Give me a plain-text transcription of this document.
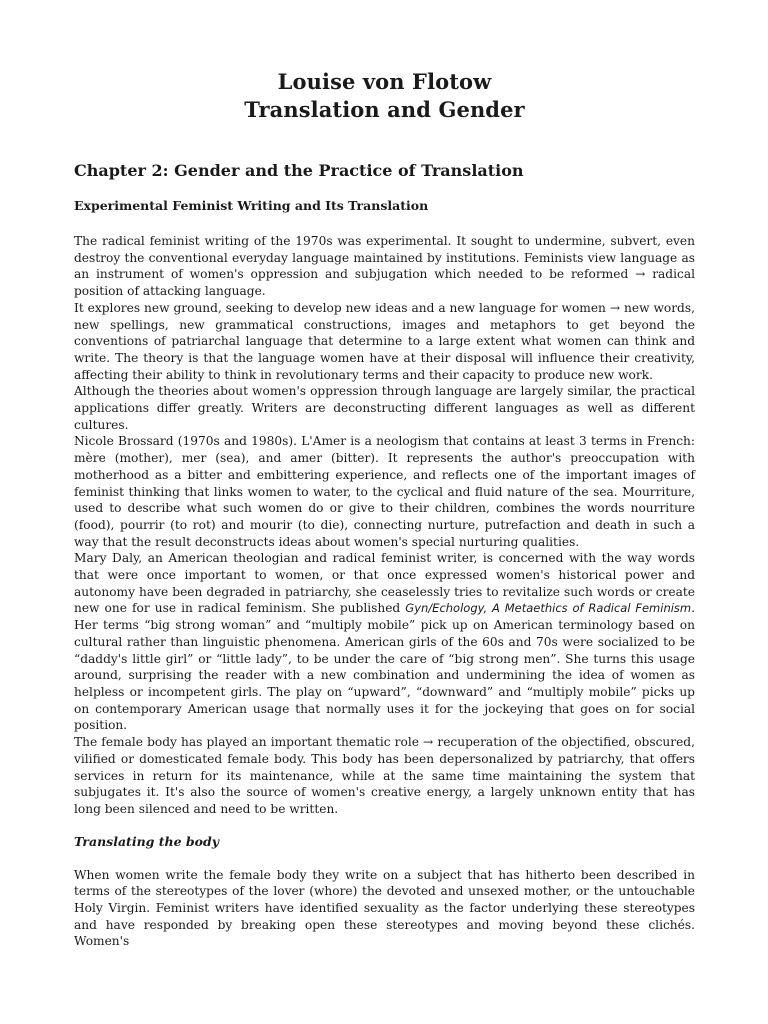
Louise von Flotow
Translation and Gender
Chapter 2: Gender and the Practice of Translation
Experimental Feminist Writing and Its Translation

The radical feminist writing of the 1970s was experimental. It sought to undermine, subvert, even destroy the conventional everyday language maintained by institutions. Feminists view language as an instrument of women's oppression and subjugation which needed to be reformed → radical position of attacking language.

It explores new ground, seeking to develop new ideas and a new language for women → new words, new spellings, new grammatical constructions, images and metaphors to get beyond the conventions of patriarchal language that determine to a large extent what women can think and write. The theory is that the language women have at their disposal will influence their creativity, affecting their ability to think in revolutionary terms and their capacity to produce new work.

Although the theories about women's oppression through language are largely similar, the practical applications differ greatly. Writers are deconstructing different languages as well as different cultures.

Nicole Brossard (1970s and 1980s). L'Amer is a neologism that contains at least 3 terms in French: mère (mother), mer (sea), and amer (bitter). It represents the author's preoccupation with motherhood as a bitter and embittering experience, and reflects one of the important images of feminist thinking that links women to water, to the cyclical and fluid nature of the sea. Mourriture, used to describe what such women do or give to their children, combines the words nourriture (food), pourrir (to rot) and mourir (to die), connecting nurture, putrefaction and death in such a way that the result deconstructs ideas about women's special nurturing qualities.

Mary Daly, an American theologian and radical feminist writer, is concerned with the way words that were once important to women, or that once expressed women's historical power and autonomy have been degraded in patriarchy, she ceaselessly tries to revitalize such words or create new one for use in radical feminism. She published Gyn/Echology, A Metaethics of Radical Feminism. Her terms “big strong woman” and “multiply mobile” pick up on American terminology based on cultural rather than linguistic phenomena. American girls of the 60s and 70s were socialized to be “daddy's little girl” or “little lady”, to be under the care of “big strong men”. She turns this usage around, surprising the reader with a new combination and undermining the idea of women as helpless or incompetent girls. The play on “upward”, “downward” and “multiply mobile” picks up on contemporary American usage that normally uses it for the jockeying that goes on for social position.

The female body has played an important thematic role → recuperation of the objectified, obscured, vilified or domesticated female body. This body has been depersonalized by patriarchy, that offers services in return for its maintenance, while at the same time maintaining the system that subjugates it. It's also the source of women's creative energy, a largely unknown entity that has long been silenced and need to be written.

Translating the body

When women write the female body they write on a subject that has hitherto been described in terms of the stereotypes of the lover (whore) the devoted and unsexed mother, or the untouchable Holy Virgin. Feminist writers have identified sexuality as the factor underlying these stereotypes and have responded by breaking open these stereotypes and moving beyond these clichés. Women's
